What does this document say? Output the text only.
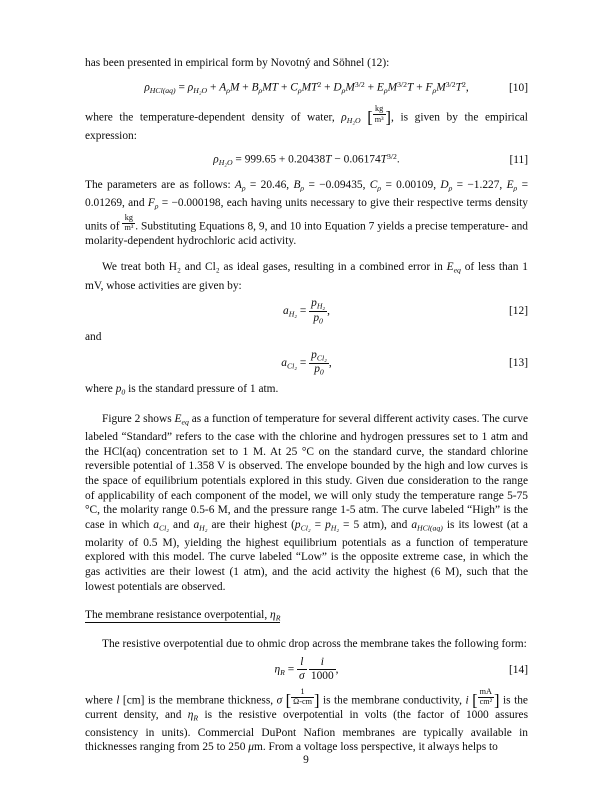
has been presented in empirical form by Novotný and Söhnel (12):

$\rho_{HCl(aq)} = \rho_{H_2O} + A_\rho M + B_\rho MT + C_\rho MT^2 + D_\rho M^{3/2} + E_\rho M^{3/2}T + F_\rho M^{3/2}T^2$,	[10]

where the temperature-dependent density of water, $\rho_{H_2O}$ [ $\frac{kg}{\text{m³}}$ ], is given by the empirical expression:

$\rho_{H_2O} = 999.65 + 0.20438T - 0.06174T^{3/2}$.	[11]

The parameters are as follows: $A_\rho = 20.46$, $B_\rho = -0.09435$, $C_\rho = 0.00109$, $D_\rho = -1.227$, $E_\rho = 0.01269$, and $F_\rho = -0.000198$, each having units necessary to give their respective terms density units of $\frac{kg}{\text{m³}}$ . Substituting Equations 8, 9, and 10 into Equation 7 yields a precise temperature- and molarity-dependent hydrochloric acid activity.

We treat both H₂ and Cl₂ as ideal gases, resulting in a combined error in $E_{eq}$ of less than 1 mV, whose activities are given by:

$a_{H_2} = \frac{p_{H_2}}{p_0}$ ,	[12]

and

$a_{Cl_2}$ =
$p_{Cl_2}$
$p_0$
,	[13]

where $p_0$ is the standard pressure of 1 atm.

Figure 2 shows $E_{eq}$ as a function of temperature for several different activity cases. The curve labeled “Standard” refers to the case with the chlorine and hydrogen pressures set to 1 atm and the HCl(aq) concentration set to 1 M. At 25 °C on the standard curve, the standard chlorine reversible potential of 1.358 V is observed. The envelope bounded by the high and low curves is the space of equilibrium potentials explored in this study. Given due consideration to the range of applicability of each component of the model, we will only study the temperature range 5-75 °C, the molarity range 0.5-6 M, and the pressure range 1-5 atm. The curve labeled “High” is the case in which $a_{Cl_2}$ and $a_{H_2}$ are their highest ($p_{Cl_2} = p_{H_2} = 5$ atm), and $a_{HCl(aq)}$ is its lowest (at a molarity of 0.5 M), yielding the highest equilibrium potentials as a function of temperature explored with this model. The curve labeled “Low” is the opposite extreme case, in which the gas activities are their lowest (1 atm), and the acid activity the highest (6 M), such that the lowest potentials are observed.

The membrane resistance overpotential, $\eta_R$

The resistive overpotential due to ohmic drop across the membrane takes the following form:

$\eta_R = \frac{l}{\sigma}$
  $\frac{i}{1000}$ ,	[14]

where l [cm] is the membrane thickness, σ [ $\frac{1}{\Omega-cm}$ ] is the membrane conductivity, i [ $\frac{mA}{\text{cm²}}$ ] is the current density, and $\eta_R$ is the resistive overpotential in volts (the factor of 1000 assures consistency in units). Commercial DuPont Nafion membranes are typically available in thicknesses ranging from 25 to 250 μm. From a voltage loss perspective, it always helps to

9
